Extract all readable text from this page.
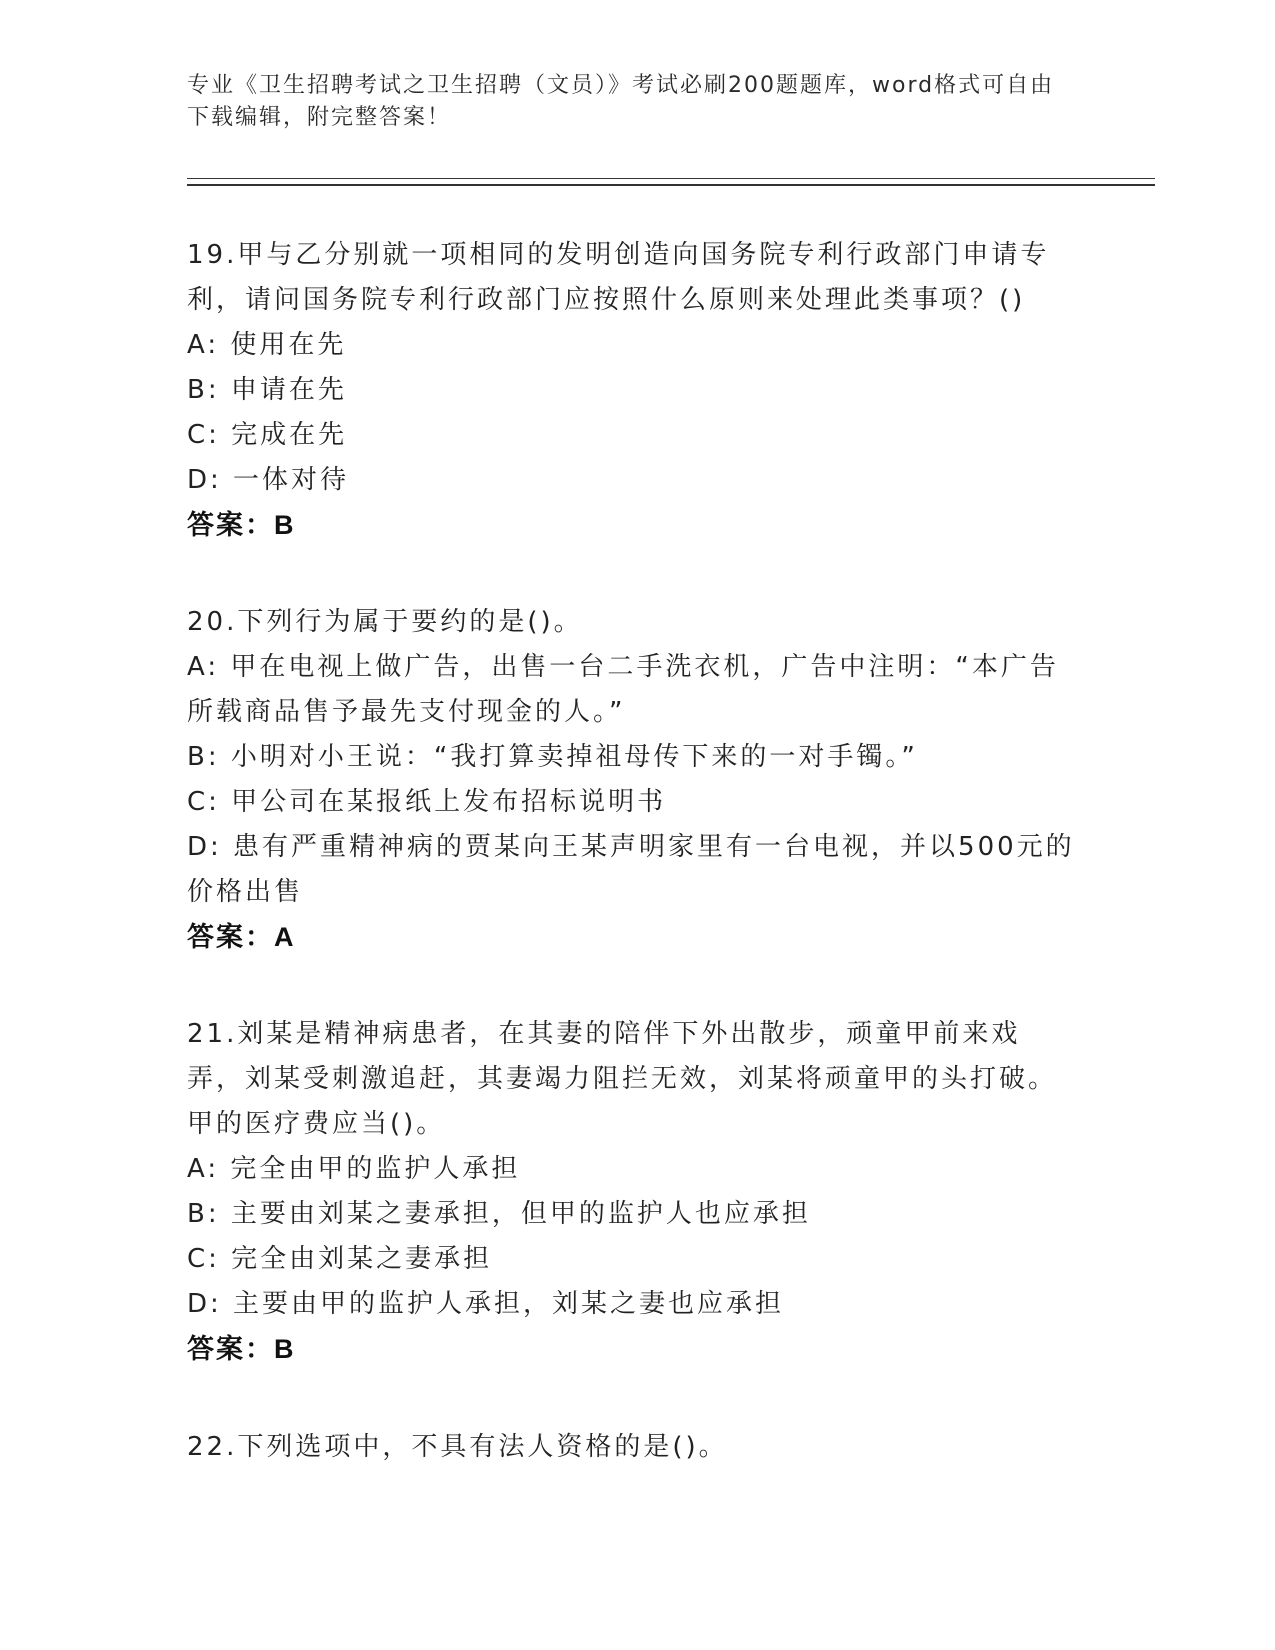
专业《卫生招聘考试之卫生招聘（文员）》考试必刷200题题库，word格式可自由下载编辑，附完整答案！
19.甲与乙分别就一项相同的发明创造向国务院专利行政部门申请专利，请问国务院专利行政部门应按照什么原则来处理此类事项？()
A: 使用在先
B: 申请在先
C: 完成在先
D: 一体对待
答案：B
20.下列行为属于要约的是()。
A: 甲在电视上做广告，出售一台二手洗衣机，广告中注明：“本广告所载商品售予最先支付现金的人。”
B: 小明对小王说：“我打算卖掉祖母传下来的一对手镯。”
C: 甲公司在某报纸上发布招标说明书
D: 患有严重精神病的贾某向王某声明家里有一台电视，并以500元的价格出售
答案：A
21.刘某是精神病患者，在其妻的陪伴下外出散步，顽童甲前来戏弄，刘某受刺激追赶，其妻竭力阻拦无效，刘某将顽童甲的头打破。甲的医疗费应当()。
A: 完全由甲的监护人承担
B: 主要由刘某之妻承担，但甲的监护人也应承担
C: 完全由刘某之妻承担
D: 主要由甲的监护人承担，刘某之妻也应承担
答案：B
22.下列选项中，不具有法人资格的是()。
